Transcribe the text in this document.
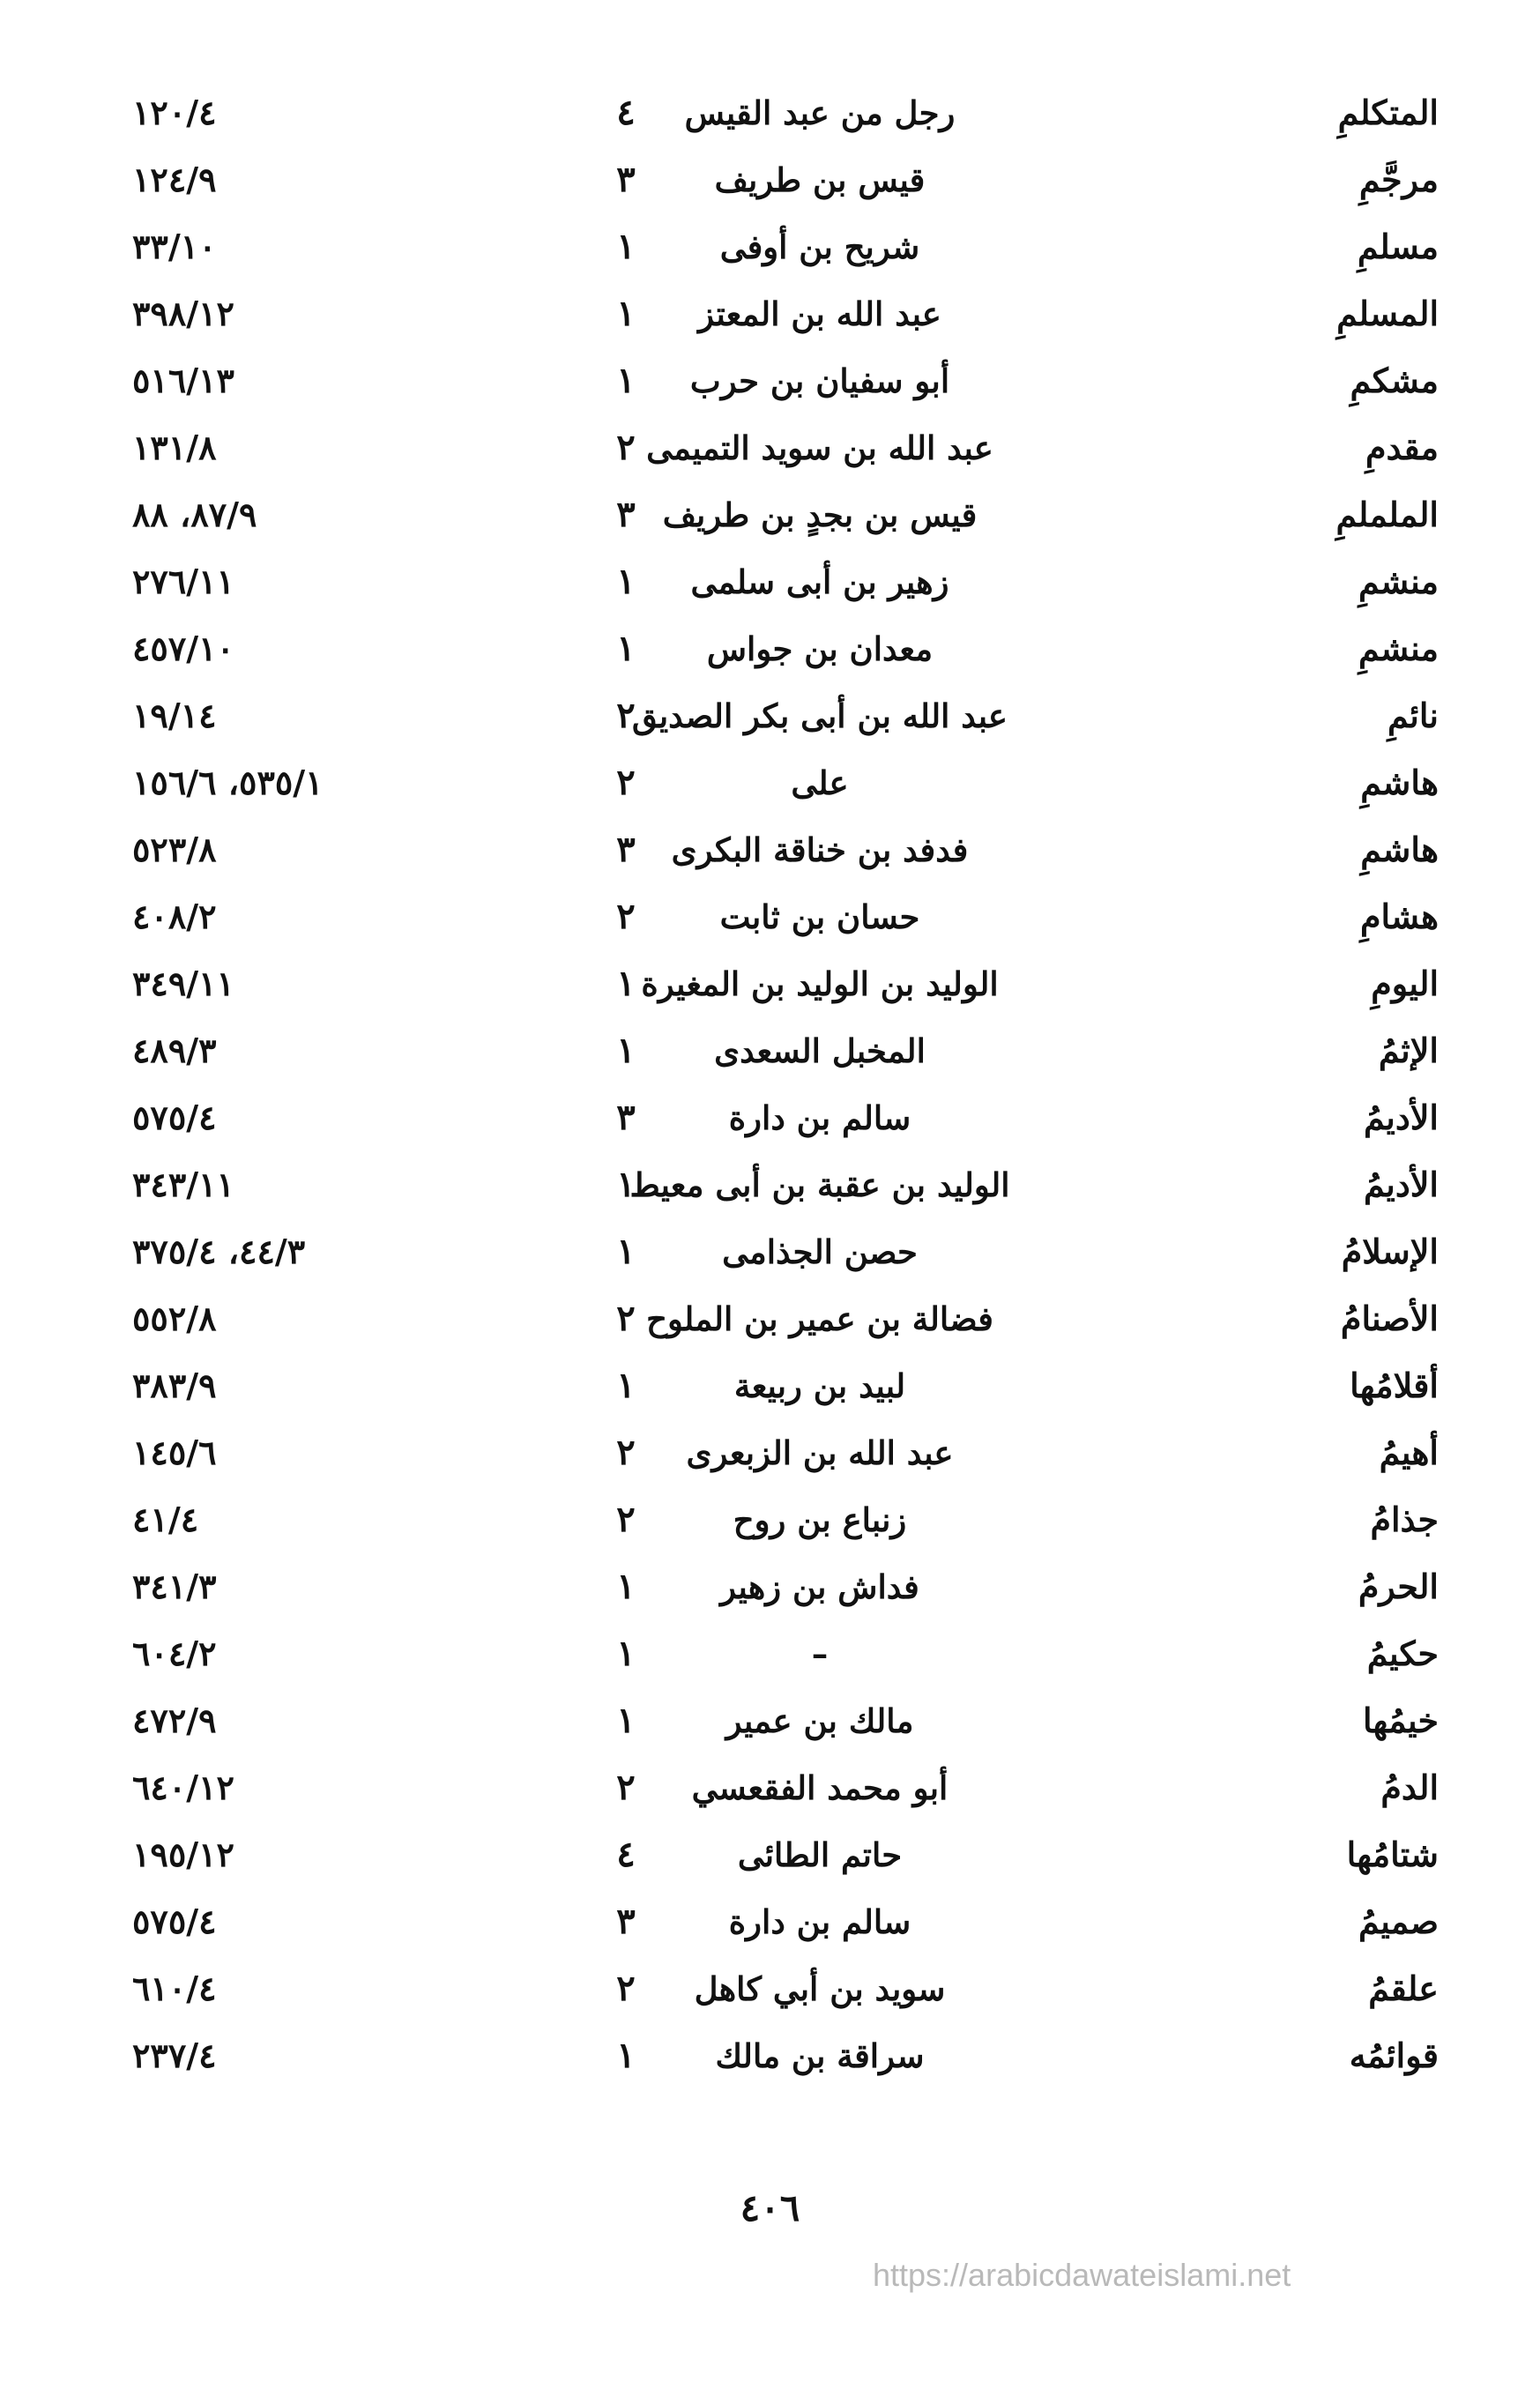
المتكلمِ
رجل من عبد القيس
٤
١٢٠/٤
مرجَّمِ
قيس بن طريف
٣
١٢٤/٩
مسلمِ
شريح بن أوفى
١
٣٣/١٠
المسلمِ
عبد الله بن المعتز
١
٣٩٨/١٢
مشكمِ
أبو سفيان بن حرب
١
٥١٦/١٣
مقدمِ
عبد الله بن سويد التميمى
٢
١٣١/٨
الململمِ
قيس بن بجدٍ بن طريف
٣
٨٧/٩، ٨٨
منشمِ
زهير بن أبى سلمى
١
٢٧٦/١١
منشمِ
معدان بن جواس
١
٤٥٧/١٠
نائمِ
عبد الله بن أبى بكر الصديق
٢
١٩/١٤
هاشمِ
على
٢
٥٣٥/١، ١٥٦/٦
هاشمِ
فدفد بن خناقة البكرى
٣
٥٢٣/٨
هشامِ
حسان بن ثابت
٢
٤٠٨/٢
اليومِ
الوليد بن الوليد بن المغيرة
١
٣٤٩/١١
الإثمُ
المخبل السعدى
١
٤٨٩/٣
الأديمُ
سالم بن دارة
٣
٥٧٥/٤
الأديمُ
الوليد بن عقبة بن أبى معيط
١
٣٤٣/١١
الإسلامُ
حصن الجذامى
١
٤٤/٣، ٣٧٥/٤
الأصنامُ
فضالة بن عمير بن الملوح
٢
٥٥٢/٨
أقلامُها
لبيد بن ربيعة
١
٣٨٣/٩
أهيمُ
عبد الله بن الزبعرى
٢
١٤٥/٦
جذامُ
زنباع بن روح
٢
٤١/٤
الحرمُ
فداش بن زهير
١
٣٤١/٣
حكيمُ
–
١
٦٠٤/٢
خيمُها
مالك بن عمير
١
٤٧٢/٩
الدمُ
أبو محمد الفقعسي
٢
٦٤٠/١٢
شتامُها
حاتم الطائى
٤
١٩٥/١٢
صميمُ
سالم بن دارة
٣
٥٧٥/٤
علقمُ
سويد بن أبي كاهل
٢
٦١٠/٤
قوائمُه
سراقة بن مالك
١
٢٣٧/٤
٤٠٦
https://arabicdawateislami.net
